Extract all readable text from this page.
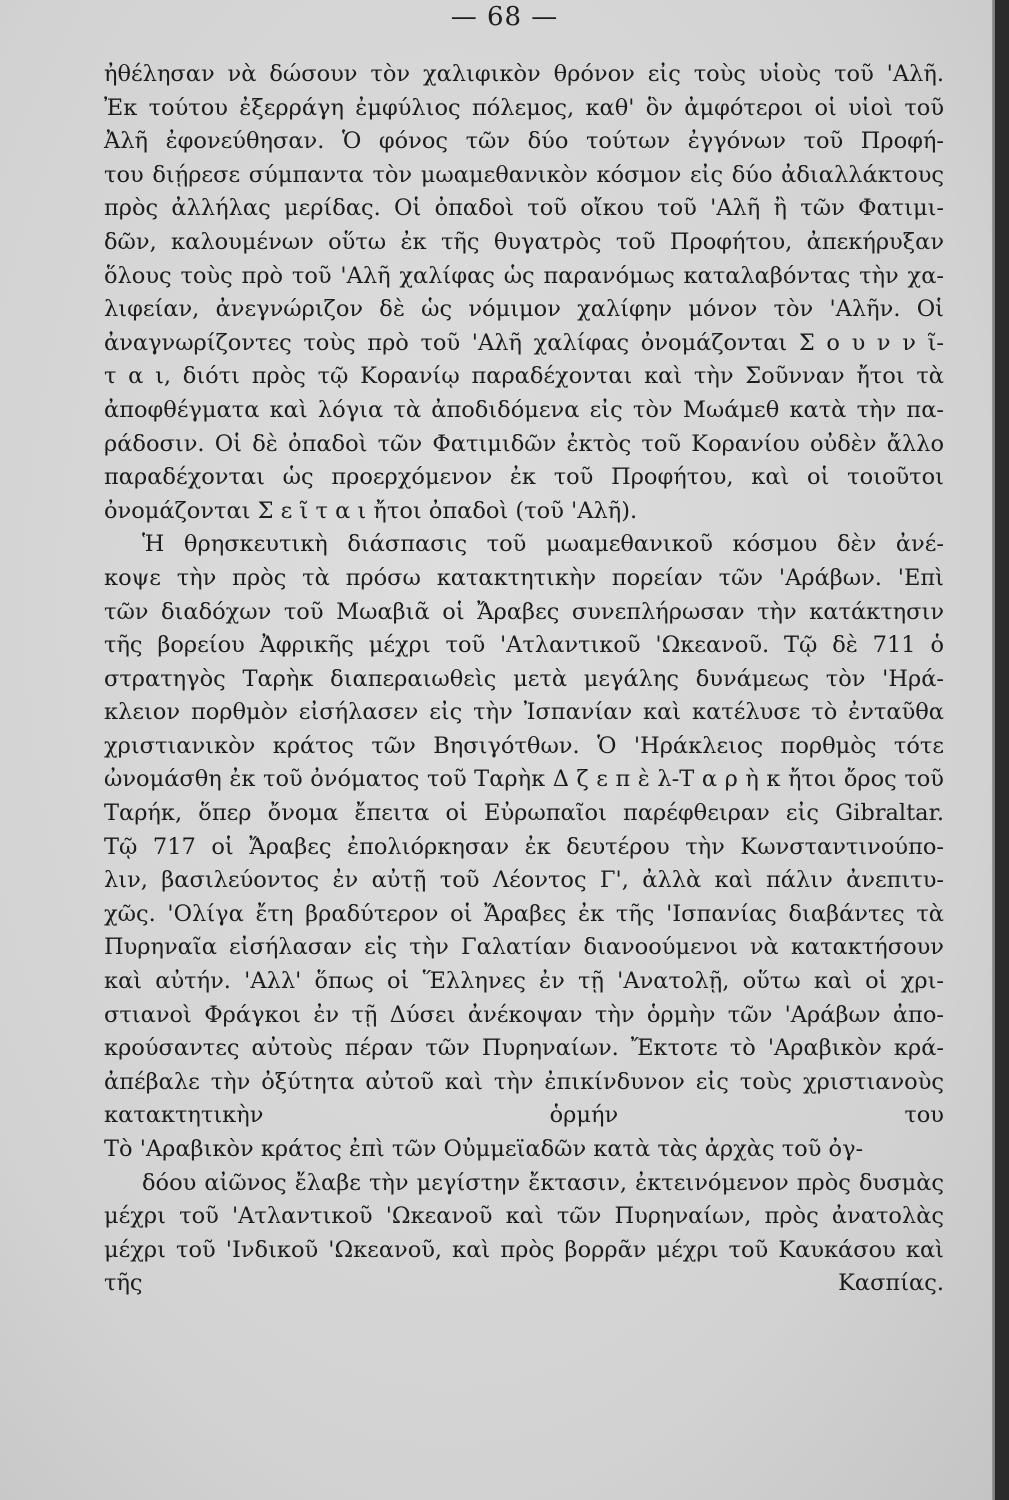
— 68 —
ἠθέλησαν νὰ δώσουν τὸν χαλιφικὸν θρόνον εἰς τοὺς υἱοὺς τοῦ 'Αλῆ.
Ἐκ τούτου ἐξερράγη ἐμφύλιος πόλεμος, καθ' ὃν ἀμφότεροι οἱ υἱοὶ τοῦ
Ἀλῆ ἐφονεύθησαν. Ὁ φόνος τῶν δύο τούτων ἐγγόνων τοῦ Προφή-
του διῄρεσε σύμπαντα τὸν μωαμεθανικὸν κόσμον εἰς δύο ἀδιαλλάκτους
πρὸς ἀλλήλας μερίδας. Οἱ ὀπαδοὶ τοῦ οἴκου τοῦ 'Αλῆ ἢ τῶν Φατιμι-
δῶν, καλουμένων οὕτω ἐκ τῆς θυγατρὸς τοῦ Προφήτου, ἀπεκήρυξαν
ὅλους τοὺς πρὸ τοῦ 'Αλῆ χαλίφας ὡς παρανόμως καταλαβόντας τὴν χα-
λιφείαν, ἀνεγνώριζον δὲ ὡς νόμιμον χαλίφην μόνον τὸν 'Αλῆν. Οἱ
ἀναγνωρίζοντες τοὺς πρὸ τοῦ 'Αλῆ χαλίφας ὀνομάζονται Σ ο υ ν ν ῖ-
τ α ι, διότι πρὸς τῷ Κορανίῳ παραδέχονται καὶ τὴν Σοῦνναν ἤτοι τὰ
ἀποφθέγματα καὶ λόγια τὰ ἀποδιδόμενα εἰς τὸν Μωάμεθ κατὰ τὴν πα-
ράδοσιν. Οἱ δὲ ὀπαδοὶ τῶν Φατιμιδῶν ἐκτὸς τοῦ Κορανίου οὐδὲν ἄλλο
παραδέχονται ὡς προερχόμενον ἐκ τοῦ Προφήτου, καὶ οἱ τοιοῦτοι
ὀνομάζονται Σ ε ῖ τ α ι ἤτοι ὀπαδοὶ (τοῦ 'Αλῆ).
Ἡ θρησκευτικὴ διάσπασις τοῦ μωαμεθανικοῦ κόσμου δὲν ἀνέ-
κοψε τὴν πρὸς τὰ πρόσω κατακτητικὴν πορείαν τῶν 'Αράβων. 'Επὶ
τῶν διαδόχων τοῦ Μωαβιᾶ οἱ Ἄραβες συνεπλήρωσαν τὴν κατάκτησιν
τῆς βορείου Ἀφρικῆς μέχρι τοῦ 'Ατλαντικοῦ 'Ωκεανοῦ. Τῷ δὲ 711 ὁ
στρατηγὸς Ταρὴκ διαπεραιωθεὶς μετὰ μεγάλης δυνάμεως τὸν 'Ηρά-
κλειον πορθμὸν εἰσήλασεν εἰς τὴν Ἰσπανίαν καὶ κατέλυσε τὸ ἐνταῦθα
χριστιανικὸν κράτος τῶν Βησιγότθων. Ὁ 'Ηράκλειος πορθμὸς τότε
ὠνομάσθη ἐκ τοῦ ὀνόματος τοῦ Ταρὴκ Δ ζ ε π ὲ λ-Τ α ρ ὴ κ ἤτοι ὄρος τοῦ
Ταρήκ, ὅπερ ὄνομα ἔπειτα οἱ Εὐρωπαῖοι παρέφθειραν εἰς Gibraltar.
Τῷ 717 οἱ Ἄραβες ἐπολιόρκησαν ἐκ δευτέρου τὴν Κωνσταντινούπο-
λιν, βασιλεύοντος ἐν αὐτῇ τοῦ Λέοντος Γ', ἀλλὰ καὶ πάλιν ἀνεπιτυ-
χῶς. 'Ολίγα ἔτη βραδύτερον οἱ Ἄραβες ἐκ τῆς 'Ισπανίας διαβάντες τὰ
Πυρηναῖα εἰσήλασαν εἰς τὴν Γαλατίαν διανοούμενοι νὰ κατακτήσουν
καὶ αὐτήν. 'Αλλ' ὅπως οἱ Ἕλληνες ἐν τῇ 'Ανατολῇ, οὕτω καὶ οἱ χρι-
στιανοὶ Φράγκοι ἐν τῇ Δύσει ἀνέκοψαν τὴν ὁρμὴν τῶν 'Αράβων ἀπο-
κρούσαντες αὐτοὺς πέραν τῶν Πυρηναίων. Ἔκτοτε τὸ 'Αραβικὸν κρά-
ἀπέβαλε τὴν ὀξύτητα αὐτοῦ καὶ τὴν ἐπικίνδυνον εἰς τοὺς χριστιανοὺς
κατακτητικὴν ὁρμήν του
Τὸ 'Αραβικὸν κράτος ἐπὶ τῶν Οὐμμεϊαδῶν κατὰ τὰς ἀρχὰς τοῦ ὀγ-
δόου αἰῶνος ἔλαβε τὴν μεγίστην ἔκτασιν, ἐκτεινόμενον πρὸς δυσμὰς
μέχρι τοῦ 'Ατλαντικοῦ 'Ωκεανοῦ καὶ τῶν Πυρηναίων, πρὸς ἀνατολὰς
μέχρι τοῦ 'Ινδικοῦ 'Ωκεανοῦ, καὶ πρὸς βορρᾶν μέχρι τοῦ Καυκάσου καὶ
τῆς Κασπίας.
